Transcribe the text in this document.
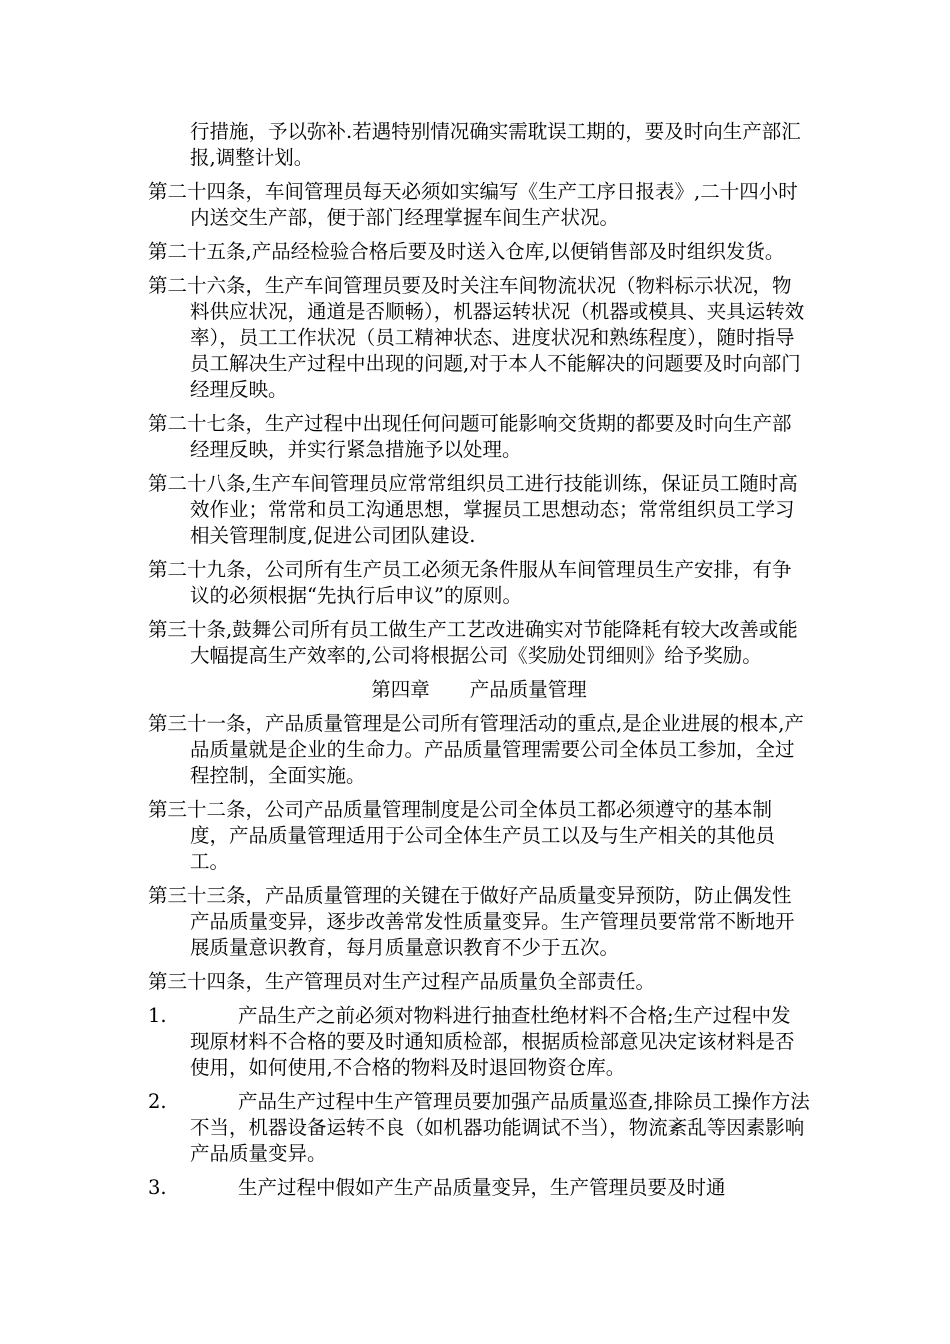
行措施，予以弥补.若遇特别情况确实需耽误工期的，要及时向生产部汇报,调整计划。

第二十四条，车间管理员每天必须如实编写《生产工序日报表》,二十四小时内送交生产部，便于部门经理掌握车间生产状况。

第二十五条,产品经检验合格后要及时送入仓库,以便销售部及时组织发货。

第二十六条，生产车间管理员要及时关注车间物流状况（物料标示状况，物料供应状况，通道是否顺畅），机器运转状况（机器或模具、夹具运转效率），员工工作状况（员工精神状态、进度状况和熟练程度），随时指导员工解决生产过程中出现的问题,对于本人不能解决的问题要及时向部门经理反映。

第二十七条，生产过程中出现任何问题可能影响交货期的都要及时向生产部经理反映，并实行紧急措施予以处理。

第二十八条,生产车间管理员应常常组织员工进行技能训练，保证员工随时高效作业；常常和员工沟通思想，掌握员工思想动态；常常组织员工学习相关管理制度,促进公司团队建设.

第二十九条，公司所有生产员工必须无条件服从车间管理员生产安排，有争议的必须根据“先执行后申议”的原则。

第三十条,鼓舞公司所有员工做生产工艺改进确实对节能降耗有较大改善或能大幅提高生产效率的,公司将根据公司《奖励处罚细则》给予奖励。

第四章 产品质量管理

第三十一条，产品质量管理是公司所有管理活动的重点,是企业进展的根本,产品质量就是企业的生命力。产品质量管理需要公司全体员工参加，全过程控制，全面实施。

第三十二条，公司产品质量管理制度是公司全体员工都必须遵守的基本制度，产品质量管理适用于公司全体生产员工以及与生产相关的其他员工。

第三十三条，产品质量管理的关键在于做好产品质量变异预防，防止偶发性产品质量变异，逐步改善常发性质量变异。生产管理员要常常不断地开展质量意识教育，每月质量意识教育不少于五次。

第三十四条，生产管理员对生产过程产品质量负全部责任。

1.	产品生产之前必须对物料进行抽查杜绝材料不合格;生产过程中发现原材料不合格的要及时通知质检部，根据质检部意见决定该材料是否使用，如何使用,不合格的物料及时退回物资仓库。
2.	产品生产过程中生产管理员要加强产品质量巡查,排除员工操作方法不当，机器设备运转不良（如机器功能调试不当），物流紊乱等因素影响产品质量变异。
3.	生产过程中假如产生产品质量变异，生产管理员要及时通
